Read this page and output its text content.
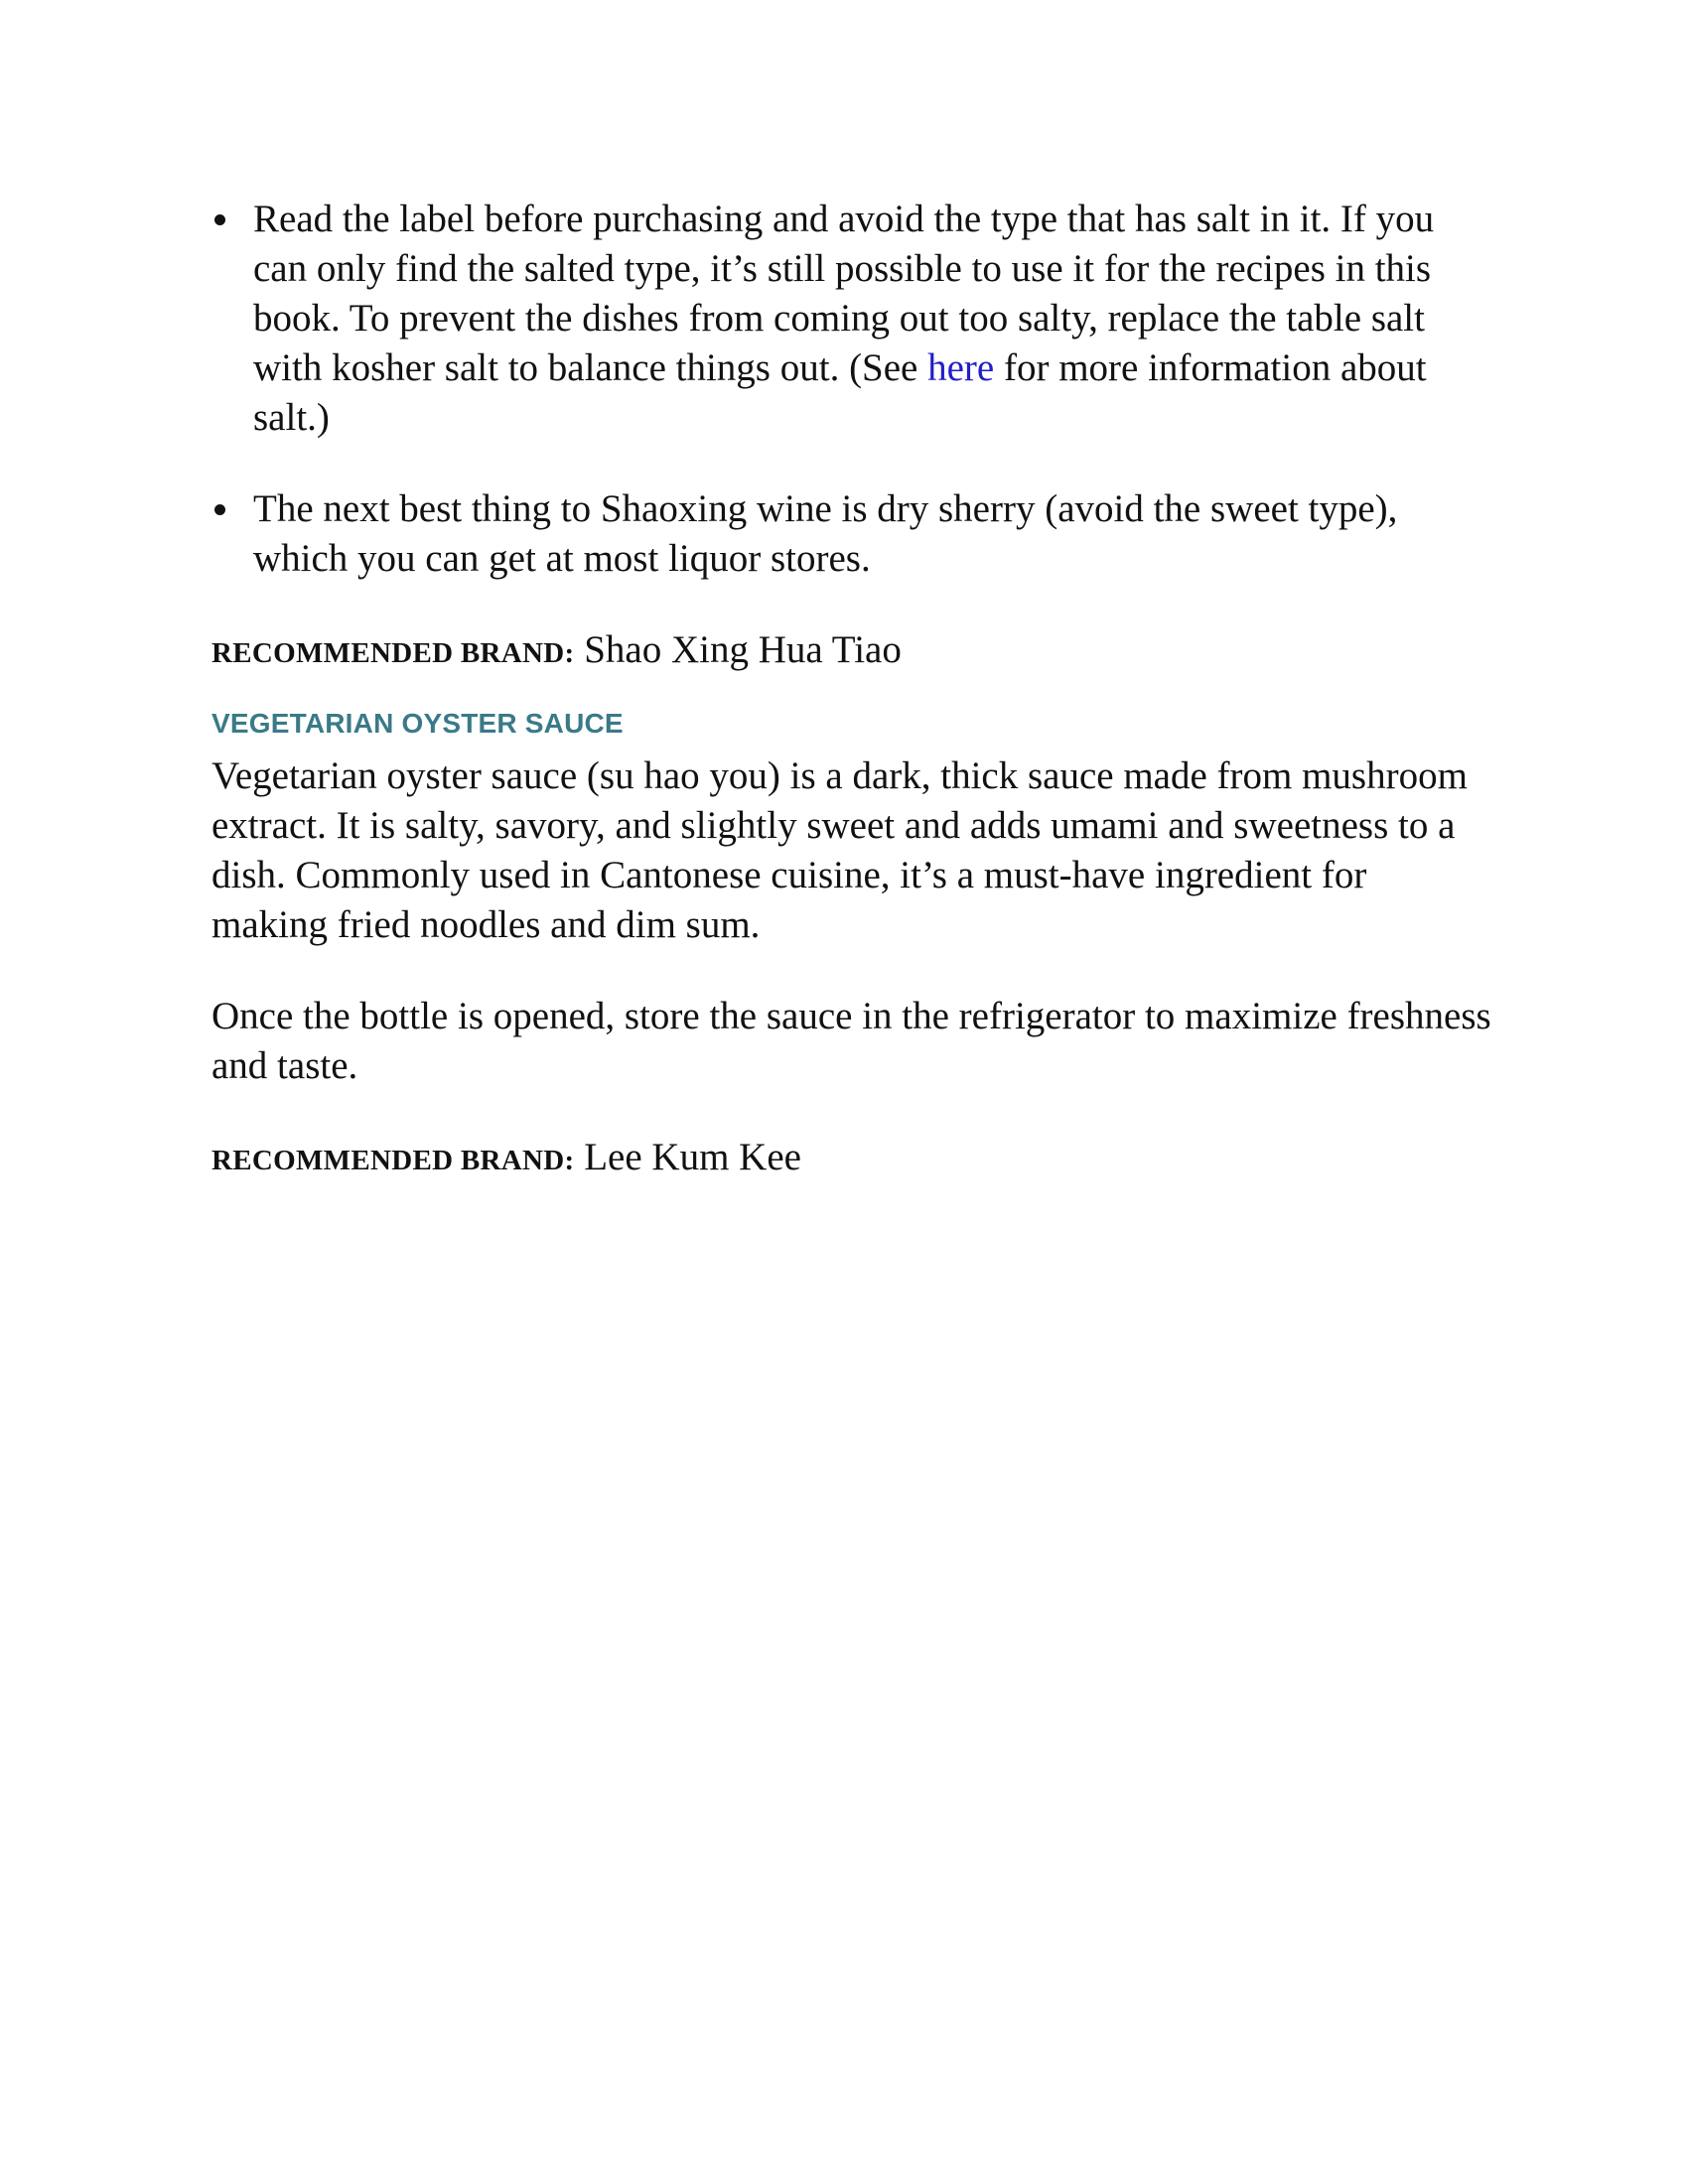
Read the label before purchasing and avoid the type that has salt in it. If you can only find the salted type, it’s still possible to use it for the recipes in this book. To prevent the dishes from coming out too salty, replace the table salt with kosher salt to balance things out. (See here for more information about salt.)
The next best thing to Shaoxing wine is dry sherry (avoid the sweet type), which you can get at most liquor stores.

RECOMMENDED BRAND: Shao Xing Hua Tiao

VEGETARIAN OYSTER SAUCE

Vegetarian oyster sauce (su hao you) is a dark, thick sauce made from mushroom extract. It is salty, savory, and slightly sweet and adds umami and sweetness to a dish. Commonly used in Cantonese cuisine, it’s a must-have ingredient for making fried noodles and dim sum.

Once the bottle is opened, store the sauce in the refrigerator to maximize freshness and taste.

RECOMMENDED BRAND: Lee Kum Kee
